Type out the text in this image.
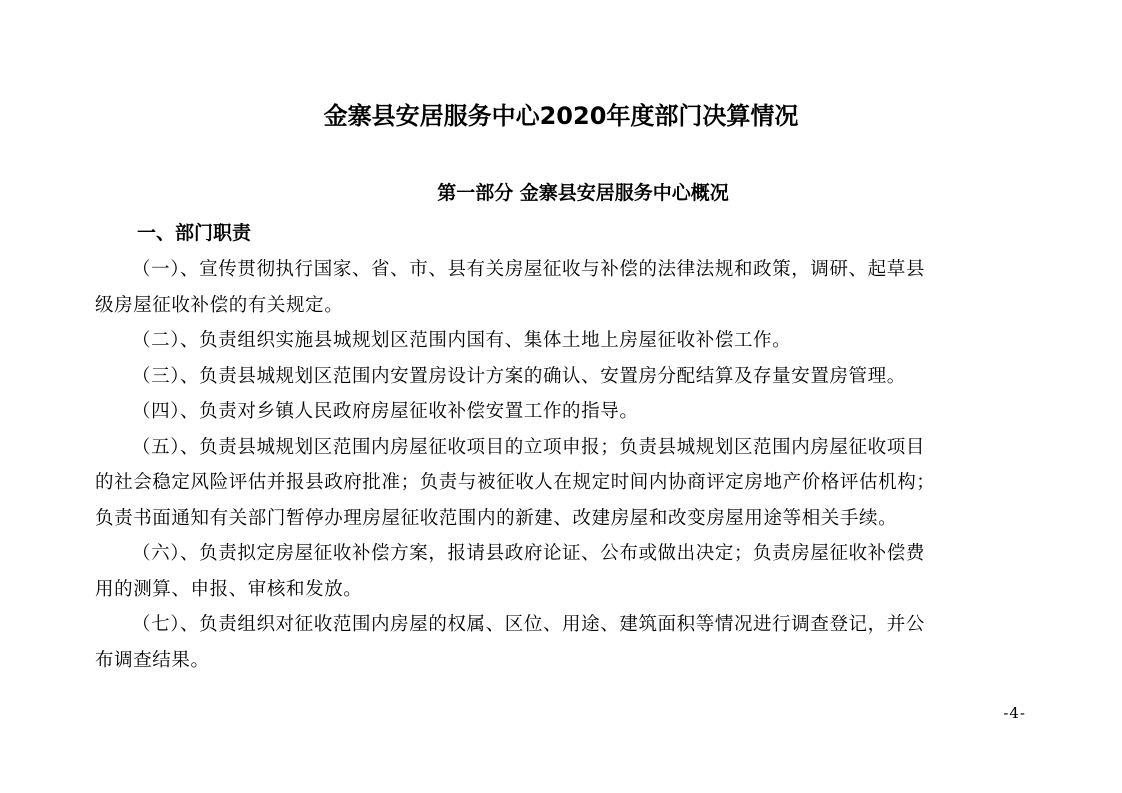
金寨县安居服务中心2020年度部门决算情况
第一部分 金寨县安居服务中心概况
一、部门职责

（一）、宣传贯彻执行国家、省、市、县有关房屋征收与补偿的法律法规和政策，调研、起草县
级房屋征收补偿的有关规定。

（二）、负责组织实施县城规划区范围内国有、集体土地上房屋征收补偿工作。

（三）、负责县城规划区范围内安置房设计方案的确认、安置房分配结算及存量安置房管理。

（四）、负责对乡镇人民政府房屋征收补偿安置工作的指导。

（五）、负责县城规划区范围内房屋征收项目的立项申报；负责县城规划区范围内房屋征收项目
的社会稳定风险评估并报县政府批准；负责与被征收人在规定时间内协商评定房地产价格评估机构；
负责书面通知有关部门暂停办理房屋征收范围内的新建、改建房屋和改变房屋用途等相关手续。

（六）、负责拟定房屋征收补偿方案，报请县政府论证、公布或做出决定；负责房屋征收补偿费
用的测算、申报、审核和发放。

（七）、负责组织对征收范围内房屋的权属、区位、用途、建筑面积等情况进行调查登记，并公
布调查结果。

-4-
